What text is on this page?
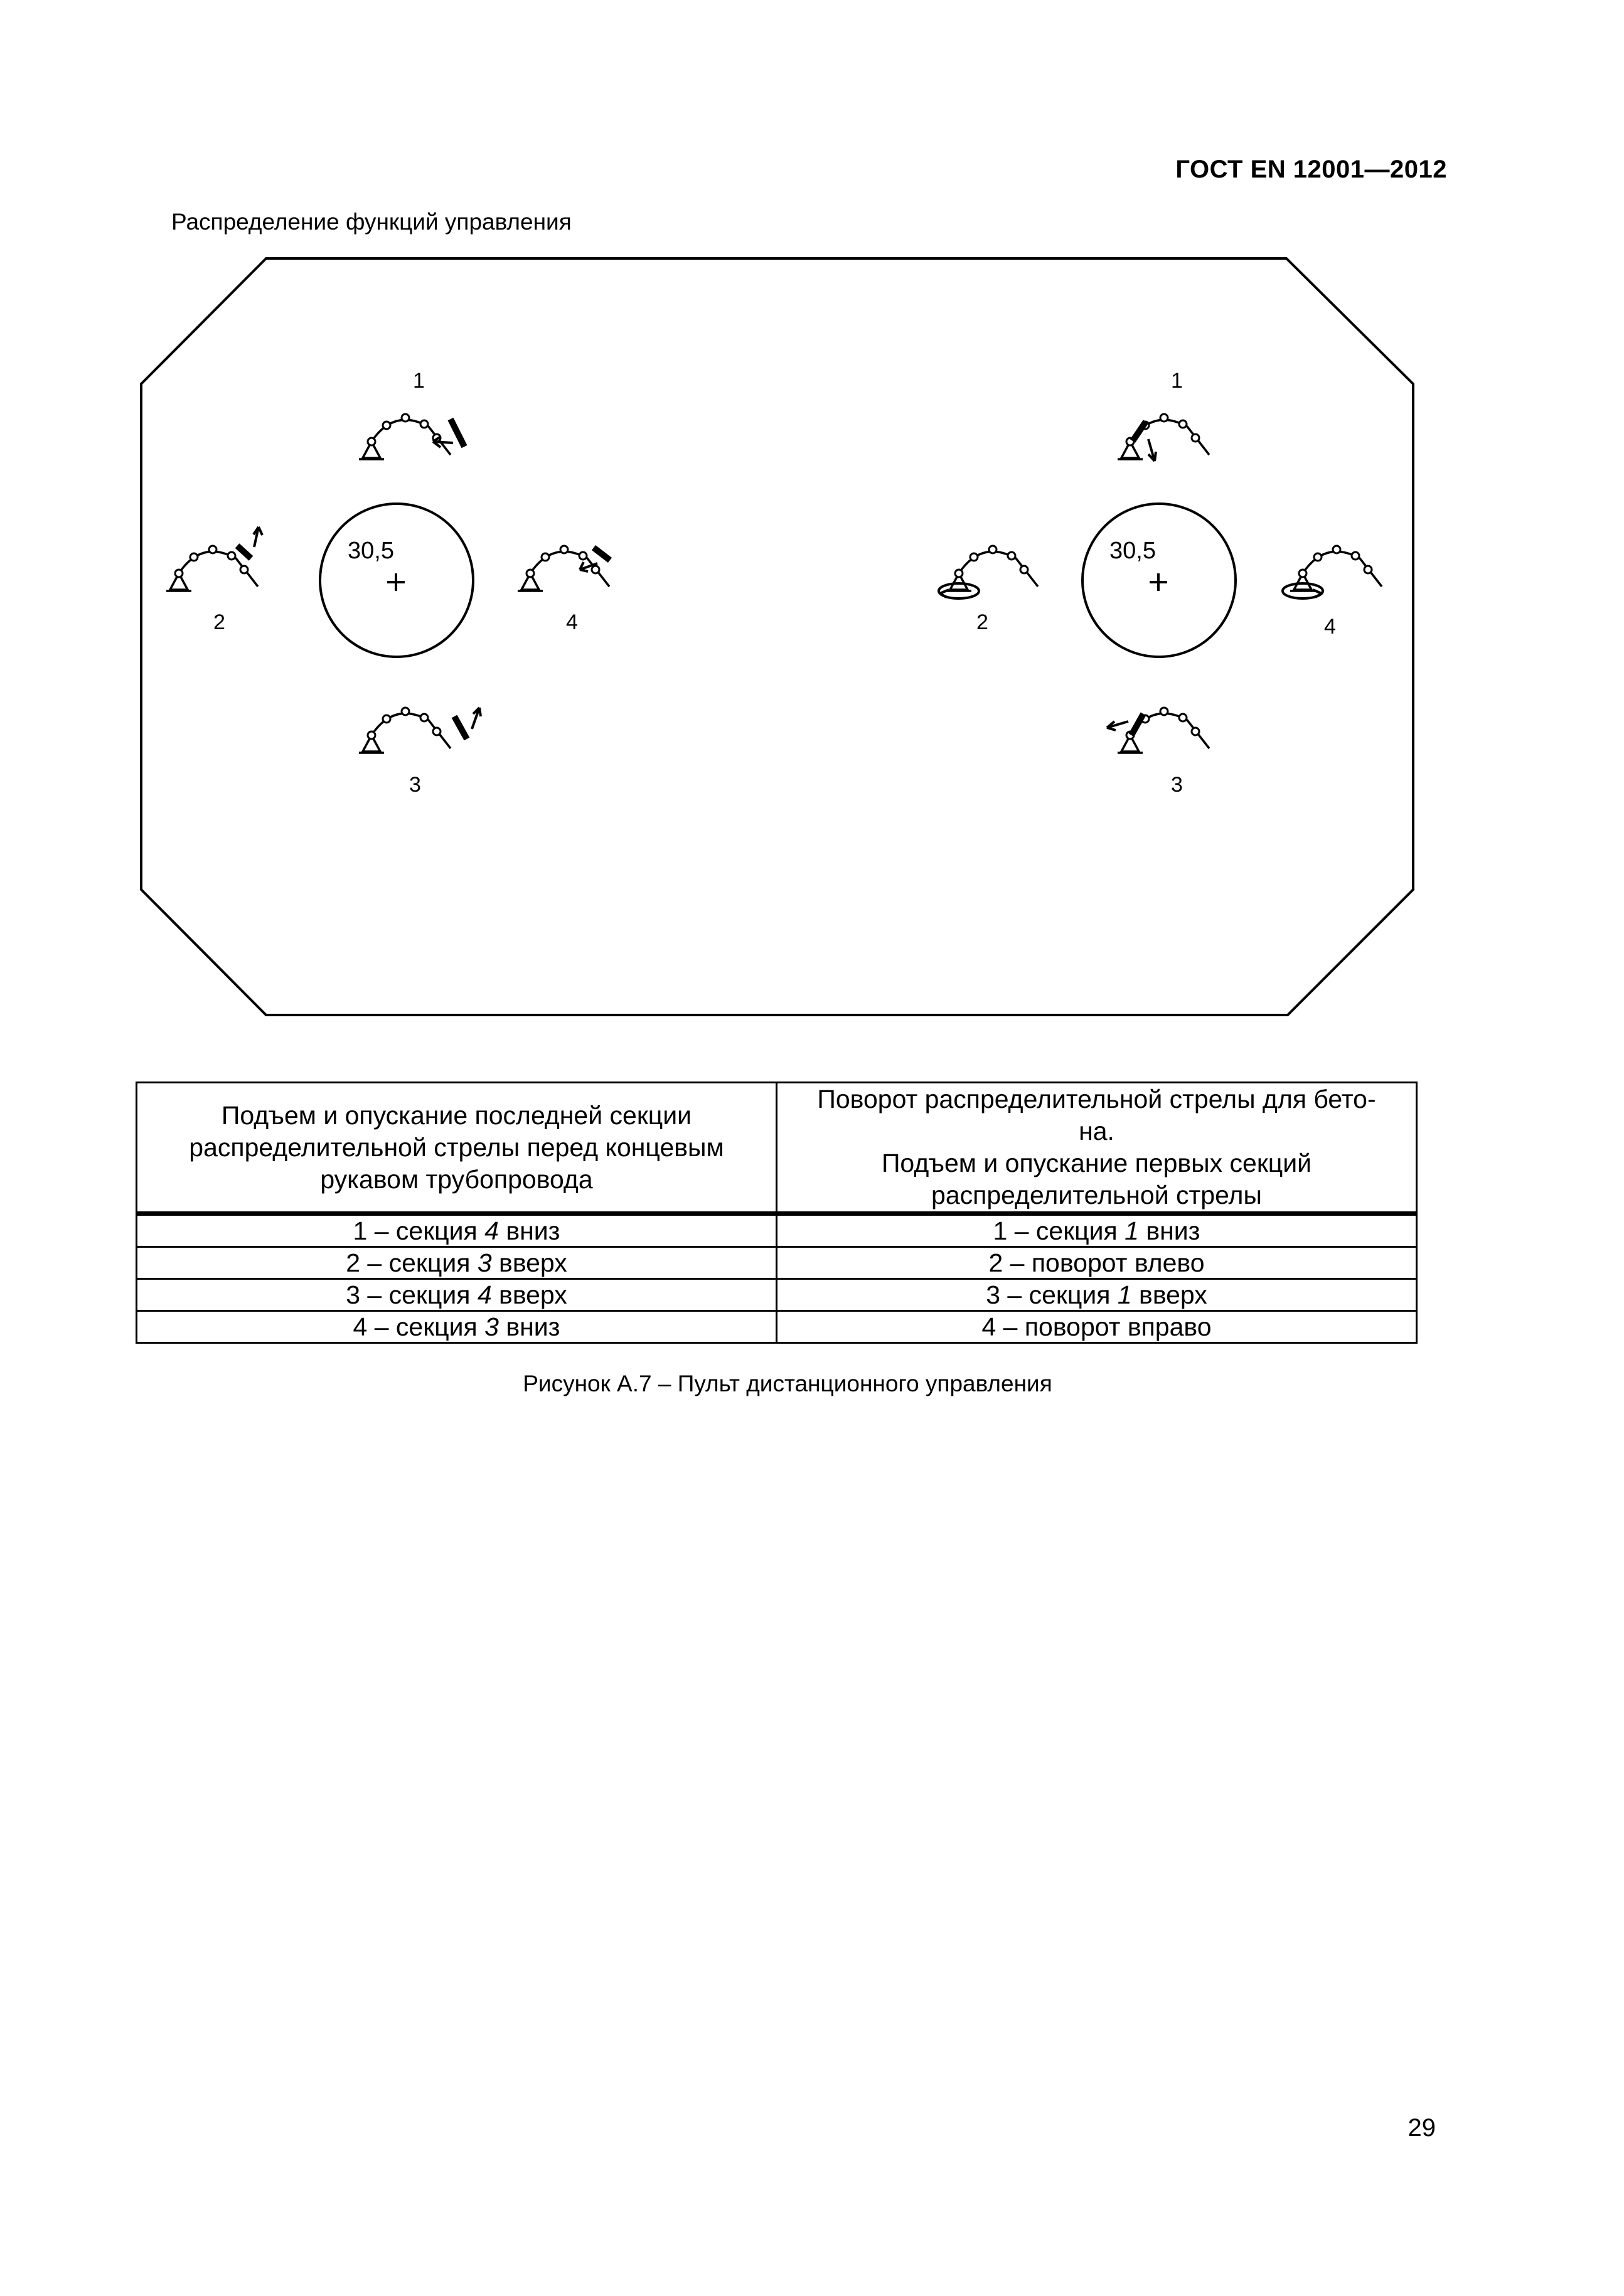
ГОСТ EN 12001—2012
Распределение функций управления
30,5
1
2	4
3
30,5
1
2	4
3
Подъем и опускание последней секции распределительной стрелы перед концевым рукавом трубопровода	Поворот распределительной стрелы для бето-
на.
Подъем и опускание первых секций распределительной стрелы
1 – секция 4 вниз	1 – секция 1 вниз
2 – секция 3 вверх	2 – поворот влево
3 – секция 4 вверх	3 – секция 1 вверх
4 – секция 3 вниз	4 – поворот вправо
Рисунок А.7 – Пульт дистанционного управления
29
